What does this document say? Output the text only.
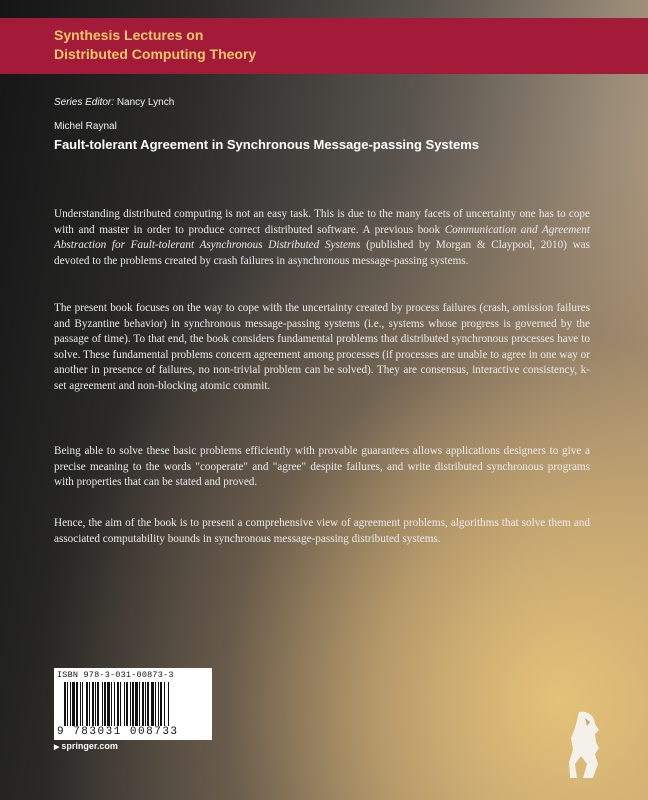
Synthesis Lectures on
Distributed Computing Theory
Series Editor: Nancy Lynch
Michel Raynal
Fault-tolerant Agreement in Synchronous Message-passing Systems

Understanding distributed computing is not an easy task. This is due to the many facets of uncertainty one has to cope with and master in order to produce correct distributed software. A previous book Communication and Agreement Abstraction for Fault-tolerant Asynchronous Distributed Systems (published by Morgan & Claypool, 2010) was devoted to the problems created by crash failures in asynchronous message-passing systems.

The present book focuses on the way to cope with the uncertainty created by process failures (crash, omission failures and Byzantine behavior) in synchronous message-passing systems (i.e., systems whose progress is governed by the passage of time). To that end, the book considers fundamental problems that distributed synchronous processes have to solve. These fundamental problems concern agreement among processes (if processes are unable to agree in one way or another in presence of failures, no non-trivial problem can be solved). They are consensus, interactive consistency, k-set agreement and non-blocking atomic commit.

Being able to solve these basic problems efficiently with provable guarantees allows applications designers to give a precise meaning to the words "cooperate" and "agree" despite failures, and write distributed synchronous programs with properties that can be stated and proved.

Hence, the aim of the book is to present a comprehensive view of agreement problems, algorithms that solve them and associated computability bounds in synchronous message-passing distributed systems.

ISBN 978-3-031-00873-3
9 783031 008733
▶ springer.com
